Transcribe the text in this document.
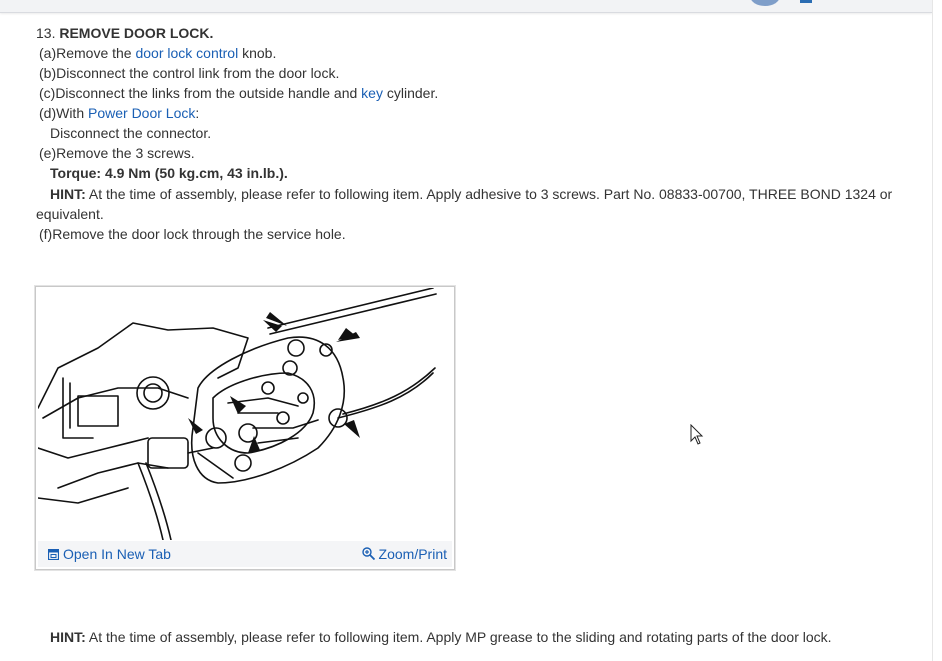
13. REMOVE DOOR LOCK.
(a)Remove the door lock control knob.
(b)Disconnect the control link from the door lock.
(c)Disconnect the links from the outside handle and key cylinder.
(d)With Power Door Lock:
Disconnect the connector.
(e)Remove the 3 screws.
Torque: 4.9 Nm (50 kg.cm, 43 in.lb.).
HINT: At the time of assembly, please refer to following item. Apply adhesive to 3 screws. Part No. 08833-00700, THREE BOND 1324 or equivalent.
(f)Remove the door lock through the service hole.
Open In New Tab	Zoom/Print
HINT: At the time of assembly, please refer to following item. Apply MP grease to the sliding and rotating parts of the door lock.
